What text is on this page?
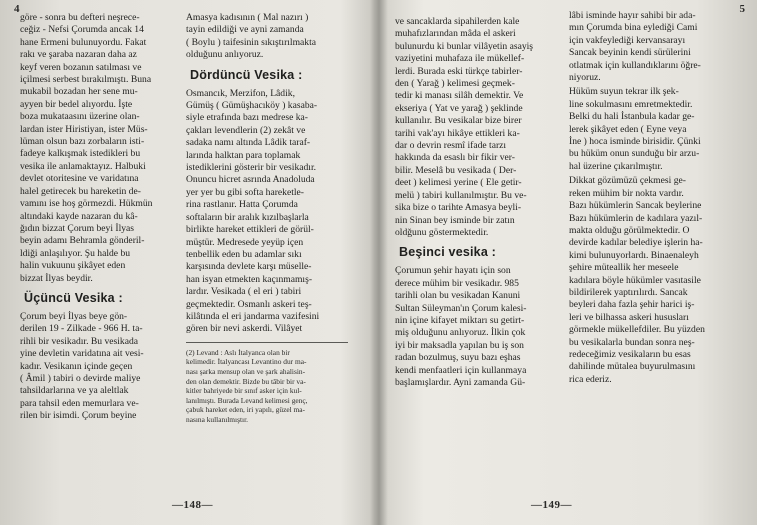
4

göre - sonra bu defteri neşrece-
ceğiz - Nefsi Çorumda ancak 14
hane Ermeni bulunuyordu. Fakat
rakı ve şaraba nazaran daha az
keyf veren bozanın satılması ve
içilmesi serbest bırakılmıştı. Buna
mukabil bozadan her sene mu-
ayyen bir bedel alıyordu. İşte
boza mukataasını üzerine olan-
lardan ister Hiristiyan, ister Müs-
lüman olsun bazı zorbaların isti-
fadeye kalkışmak istedikleri bu
vesika ile anlamaktayız. Halbuki
devlet otoritesine ve varidatına
halel getirecek bu hareketin de-
vamını ise hoş görmezdi. Hükmün
altındaki kayde nazaran du kâ-
ğıdın bizzat Çorum beyi İlyas
beyin adamı Behramla gönderil-
ldiği anlaşılıyor. Şu halde bu
halin vukuunu şikâyet eden
bizzat İlyas beydir.

Üçüncü Vesika :

Çorum beyi İlyas beye gön-
derilen 19 - Zilkade - 966 H. ta-
rihli bir vesikadır. Bu vesikada
yine devletin varidatına ait vesi-
kadır. Vesikanın içinde geçen
( Âmil ) tabiri o devirde maliye
tahsildarlarına ve ya aleltlak
para tahsil eden memurlara ve-
rilen bir isimdi. Çorum beyine

Amasya kadısının ( Mal nazırı )
tayin edildiği ve ayni zamanda
( Boylu ) taifesinin sıkıştırılmakta
olduğunu anlıyoruz.

Dördüncü Vesika :

Osmancık, Merzifon, Lâdik,
Gümüş ( Gümüşhacıköy ) kasaba-
siyle etrafında bazı medrese ka-
çakları levendlerin (2) zekât ve
sadaka namı altında Lâdik taraf-
larında halktan para toplamak
istediklerini gösterir bir vesikadır.
Onuncu hicret asrında Anadoluda
yer yer bu gibi softa hareketle-
rina rastlanır. Hatta Çorumda
softaların bir aralık kızılbaşlarla
birlikte hareket ettikleri de görül-
müştür. Medresede yeyüp içen
tenbellik eden bu adamlar sıkı
karşısında devlete karşı müselle-
han isyan etmekten kaçınmamış-
lardır. Vesikada ( el eri ) tabiri
geçmektedir. Osmanlı askeri teş-
kilâtında el eri jandarma vazifesini
gören bir nevi askerdi. Vilâyet

(2) Levand : Aslı İtalyanca olan bir
kelimedir. İtalyancası Levantino dur ma-
nası şarka mensup olan ve şark ahalisin-
den olan demektir. Bizde bu tâbir bir va-
kitler bahriyede bir sınıf asker için kul-
lanılmıştı. Burada Levand kelimesi genç,
çabuk hareket eden, iri yapılı, güzel ma-
nasına kullanılmıştır.

—148—
5

ve sancaklarda sipahilerden kale
muhafızlarından mâda el askeri
bulunurdu ki bunlar vilâyetin asayiş
vaziyetini muhafaza ile mükellef-
lerdi. Burada eski türkçe tabirler-
den ( Yarağ ) kelimesi geçmek-
tedir ki manası silâh demektir. Ve
ekseriya ( Yat ve yarağ ) şeklinde
kullanılır. Bu vesikalar bize birer
tarihi vak'ayı hikâye ettikleri ka-
dar o devrin resmî ifade tarzı
hakkında da esaslı bir fikir ver-
bilir. Meselâ bu vesikada ( Der-
deet ) kelimesi yerine ( Ele getir-
melü ) tabiri kullanılmıştır. Bu ve-
sika bize o tarihte Amasya beyli-
nin Sinan bey isminde bir zatın
oldğunu göstermektedir.

Beşinci vesika :

Çorumun şehir hayatı için son
derece mühim bir vesikadır. 985
tarihli olan bu vesikadan Kanuni
Sultan Süleyman'ın Çorum kalesi-
nin içine kifayet miktarı su getirt-
miş olduğunu anlıyoruz. İlkin çok
iyi bir maksadla yapılan bu iş son
radan bozulmuş, suyu bazı eşhas
kendi menfaatleri için kullanmaya
başlamışlardır. Ayni zamanda Gü-

lâbi isminde hayır sahibi bir ada-
mın Çorumda bina eylediği Cami
için vakfeylediği kervansarayı
Sancak beyinin kendi sürülerini
otlatmak için kullandıklarını öğre-
niyoruz.

Hüküm suyun tekrar ilk şek-
line sokulmasını emretmektedir.
Belki du hali İstanbula kadar ge-
lerek şikâyet eden ( Eyne veya
İne ) hoca isminde birisidir. Çünki
bu hüküm onun sunduğu bir arzu-
hal üzerine çıkarılmıştır.

Dikkat gözümüzü çekmesi ge-
reken mühim bir nokta vardır.
Bazı hükümlerin Sancak beylerine
Bazı hükümlerin de kadılara yazıl-
makta olduğu görülmektedir. O
devirde kadılar belediye işlerin ha-
kimi bulunuyorlardı. Binaenaleyh
şehire müteallik her meseele
kadılara böyle hükümler vasıtasile
bildirilerek yaptırılırdı. Sancak
beyleri daha fazla şehir harici iş-
leri ve bilhassa askeri hususları
görmekle mükellefdiler. Bu yüzden
bu vesikalarla bundan sonra neş-
redeceğimiz vesikaların bu esas
dahilinde mütalea buyurulmasını
rica ederiz.

—149—
